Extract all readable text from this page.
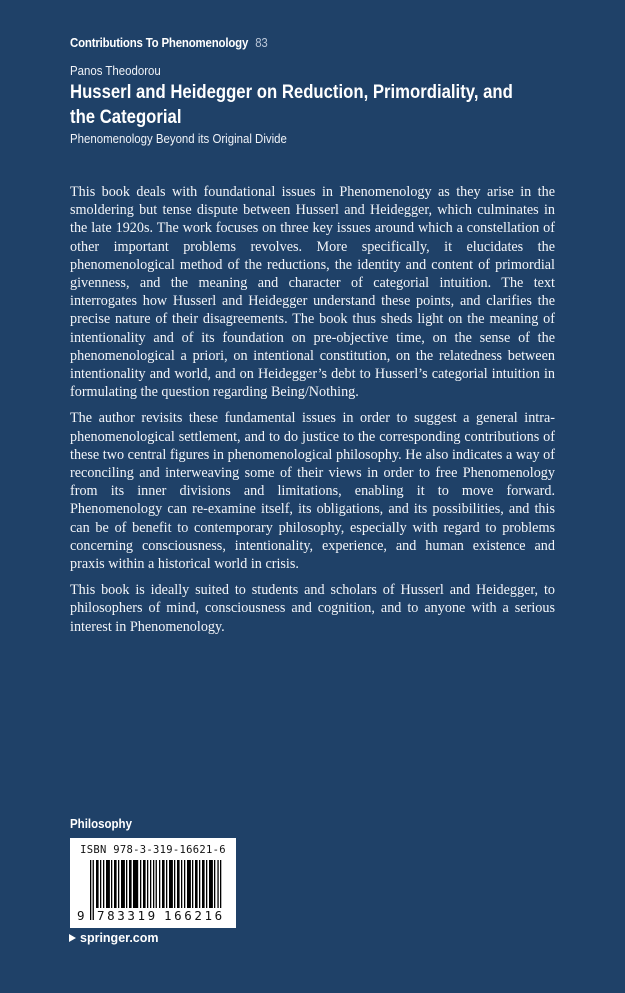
Contributions To Phenomenology 83
Panos Theodorou
Husserl and Heidegger on Reduction, Primordiality, and the Categorial
Phenomenology Beyond its Original Divide

This book deals with foundational issues in Phenomenology as they arise in the smoldering but tense dispute between Husserl and Heidegger, which culminates in the late 1920s. The work focuses on three key issues around which a constellation of other important problems revolves. More specifically, it elucidates the phenomenological method of the reductions, the identity and content of primordial givenness, and the meaning and character of categorial intuition. The text interrogates how Husserl and Heidegger understand these points, and clarifies the precise nature of their disagreements. The book thus sheds light on the meaning of intentionality and of its foundation on pre-objective time, on the sense of the phenomenological a priori, on intentional constitution, on the relatedness between intentionality and world, and on Heidegger’s debt to Husserl’s categorial intuition in formulating the question regarding Being/Nothing.

The author revisits these fundamental issues in order to suggest a general intra-phenomenological settlement, and to do justice to the corresponding contributions of these two central figures in phenomenological philosophy. He also indicates a way of reconciling and interweaving some of their views in order to free Phenomenology from its inner divisions and limitations, enabling it to move forward. Phenomenology can re-examine itself, its obligations, and its possibilities, and this can be of benefit to contemporary philosophy, especially with regard to problems concerning consciousness, intentionality, experience, and human existence and praxis within a historical world in crisis.

This book is ideally suited to students and scholars of Husserl and Heidegger, to philosophers of mind, consciousness and cognition, and to anyone with a serious interest in Phenomenology.

Philosophy
ISBN 978-3-319-16621-6
9 783319 166216
springer.com
